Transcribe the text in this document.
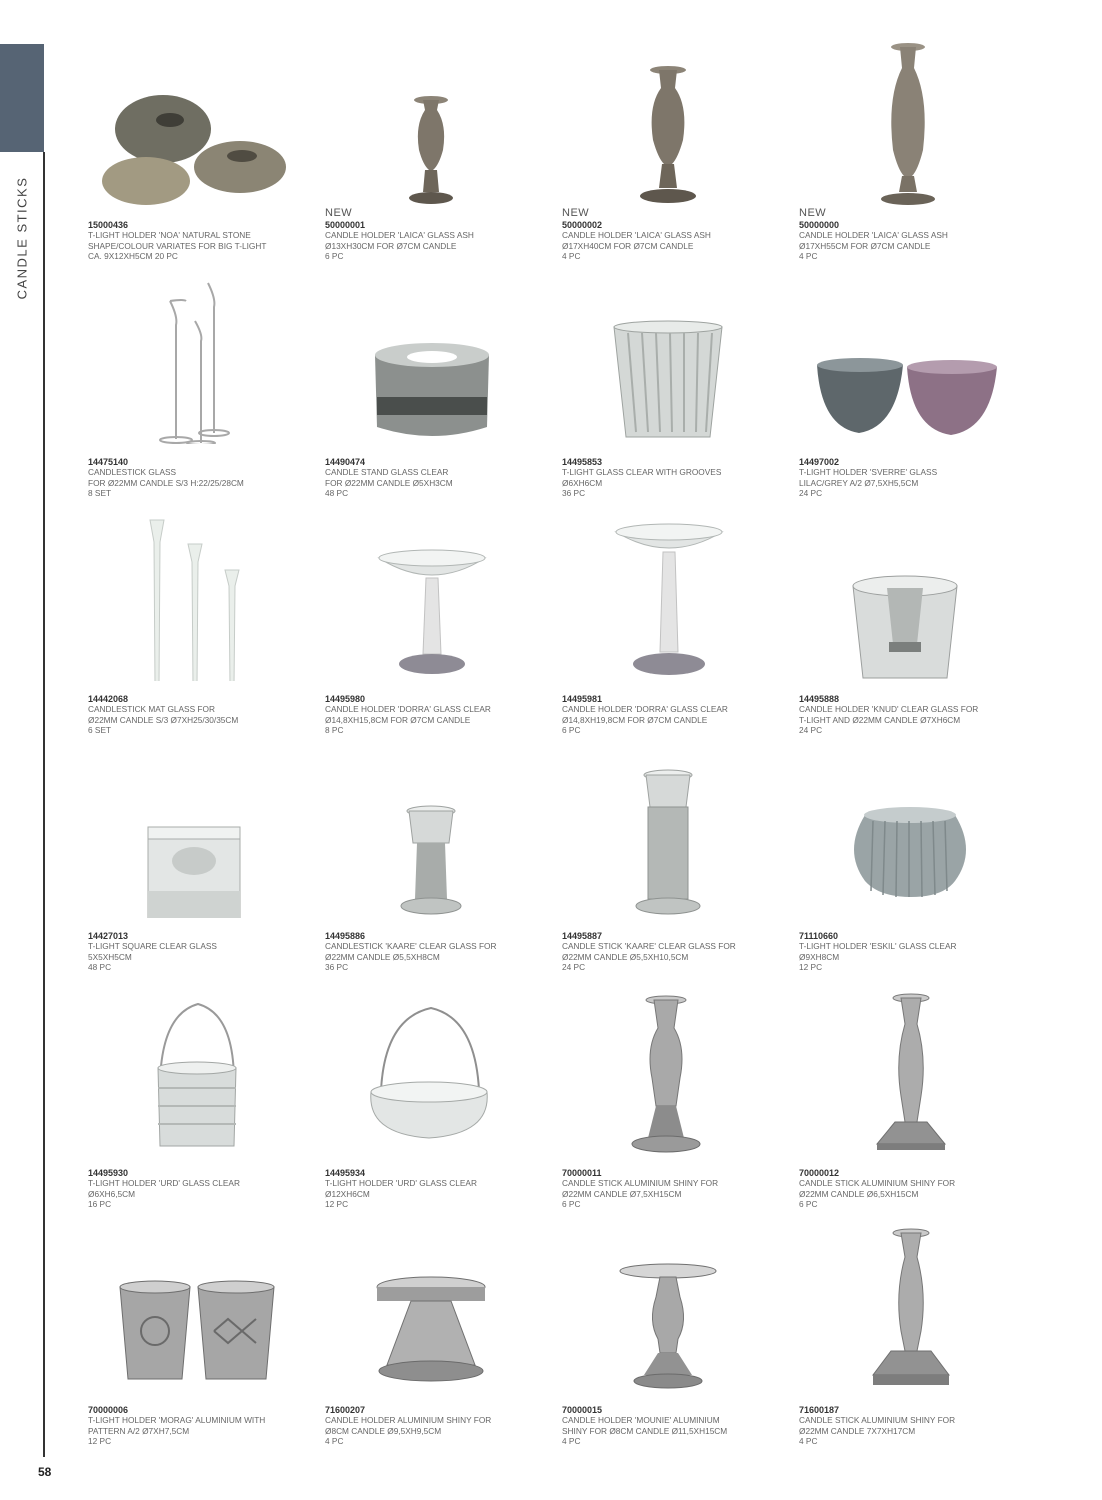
CANDLE STICKS	15000436
T-LIGHT HOLDER 'NOA' NATURAL STONE
SHAPE/COLOUR VARIATES FOR BIG T-LIGHT
CA. 9X12XH5CM 20 PC
NEW
50000001
CANDLE HOLDER 'LAICA' GLASS ASH
Ø13XH30CM FOR Ø7CM CANDLE
6 PC
NEW
50000002
CANDLE HOLDER 'LAICA' GLASS ASH
Ø17XH40CM FOR Ø7CM CANDLE
4 PC
NEW
50000000
CANDLE HOLDER 'LAICA' GLASS ASH
Ø17XH55CM FOR Ø7CM CANDLE
4 PC
14475140
CANDLESTICK GLASS
FOR Ø22MM CANDLE S/3 H:22/25/28CM
8 SET
14490474
CANDLE STAND GLASS CLEAR
FOR Ø22MM CANDLE Ø5XH3CM
48 PC
14495853
T-LIGHT GLASS CLEAR WITH GROOVES
Ø6XH6CM
36 PC
14497002
T-LIGHT HOLDER 'SVERRE' GLASS
LILAC/GREY A/2 Ø7,5XH5,5CM
24 PC
14442068
CANDLESTICK MAT GLASS FOR
Ø22MM CANDLE S/3 Ø7XH25/30/35CM
6 SET
14495980
CANDLE HOLDER 'DORRA' GLASS CLEAR
Ø14,8XH15,8CM FOR Ø7CM CANDLE
8 PC
14495981
CANDLE HOLDER 'DORRA' GLASS CLEAR
Ø14,8XH19,8CM FOR Ø7CM CANDLE
6 PC
14495888
CANDLE HOLDER 'KNUD' CLEAR GLASS FOR
T-LIGHT AND Ø22MM CANDLE Ø7XH6CM
24 PC
14427013
T-LIGHT SQUARE CLEAR GLASS
5X5XH5CM
48 PC
14495886
CANDLESTICK 'KAARE' CLEAR GLASS FOR
Ø22MM CANDLE Ø5,5XH8CM
36 PC
14495887
CANDLE STICK 'KAARE' CLEAR GLASS FOR
Ø22MM CANDLE Ø5,5XH10,5CM
24 PC
71110660
T-LIGHT HOLDER 'ESKIL' GLASS CLEAR
Ø9XH8CM
12 PC
14495930
T-LIGHT HOLDER 'URD' GLASS CLEAR
Ø6XH6,5CM
16 PC
14495934
T-LIGHT HOLDER 'URD' GLASS CLEAR
Ø12XH6CM
12 PC
70000011
CANDLE STICK ALUMINIUM SHINY FOR
Ø22MM CANDLE Ø7,5XH15CM
6 PC
70000012
CANDLE STICK ALUMINIUM SHINY FOR
Ø22MM CANDLE Ø6,5XH15CM
6 PC
70000006
T-LIGHT HOLDER 'MORAG' ALUMINIUM WITH
PATTERN A/2 Ø7XH7,5CM
12 PC
71600207
CANDLE HOLDER ALUMINIUM SHINY FOR
Ø8CM CANDLE Ø9,5XH9,5CM
4 PC
70000015
CANDLE HOLDER 'MOUNIE' ALUMINIUM
SHINY FOR Ø8CM CANDLE Ø11,5XH15CM
4 PC
71600187
CANDLE STICK ALUMINIUM SHINY FOR
Ø22MM CANDLE 7X7XH17CM
4 PC
58
